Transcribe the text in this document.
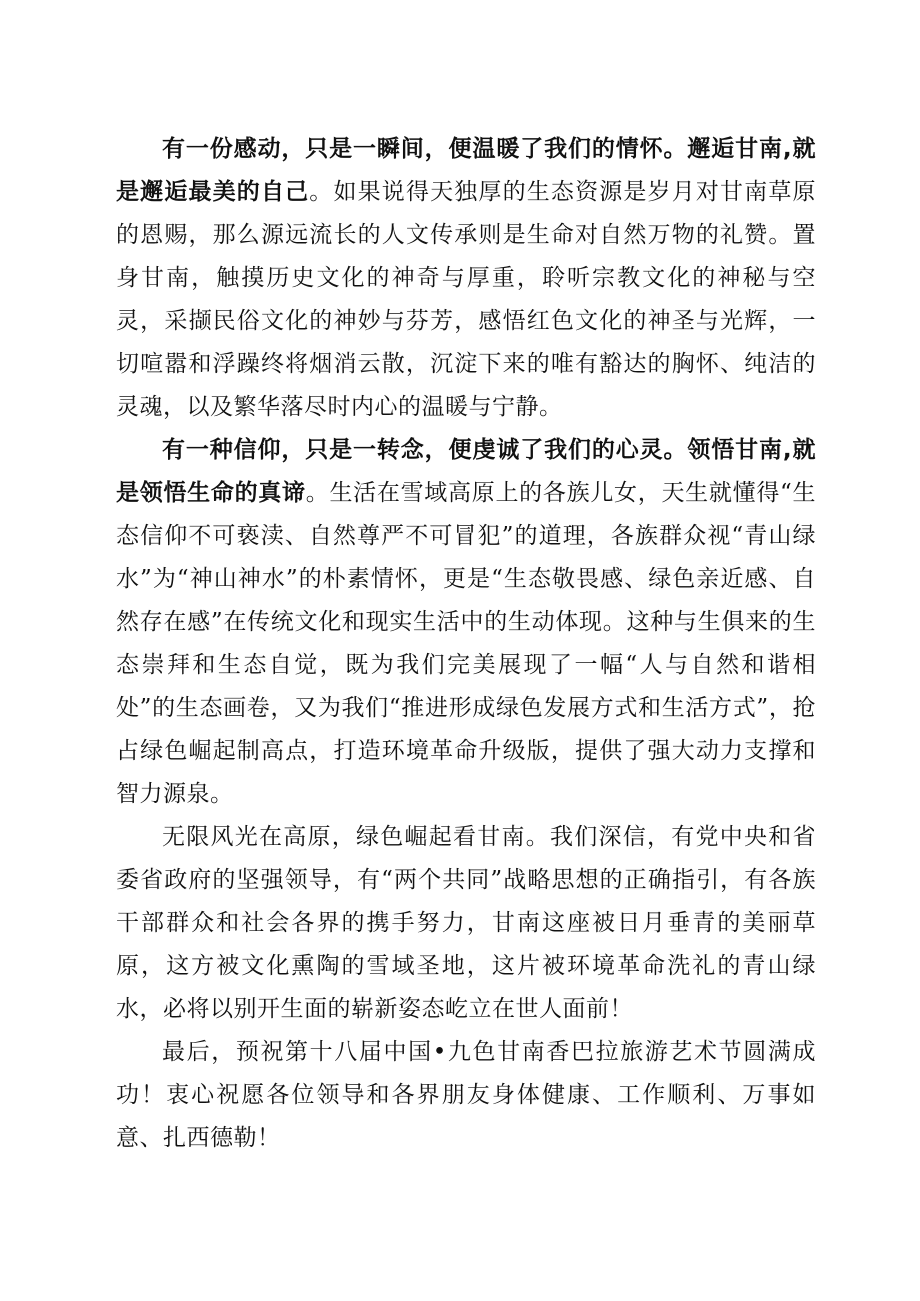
有一份感动，只是一瞬间，便温暖了我们的情怀。邂逅甘南,就是邂逅最美的自己。如果说得天独厚的生态资源是岁月对甘南草原的恩赐，那么源远流长的人文传承则是生命对自然万物的礼赞。置身甘南，触摸历史文化的神奇与厚重，聆听宗教文化的神秘与空灵，采撷民俗文化的神妙与芬芳，感悟红色文化的神圣与光辉，一切喧嚣和浮躁终将烟消云散，沉淀下来的唯有豁达的胸怀、纯洁的灵魂，以及繁华落尽时内心的温暖与宁静。

有一种信仰，只是一转念，便虔诚了我们的心灵。领悟甘南,就是领悟生命的真谛。生活在雪域高原上的各族儿女，天生就懂得“生态信仰不可亵渎、自然尊严不可冒犯”的道理，各族群众视“青山绿水”为“神山神水”的朴素情怀，更是“生态敬畏感、绿色亲近感、自然存在感”在传统文化和现实生活中的生动体现。这种与生俱来的生态崇拜和生态自觉，既为我们完美展现了一幅“人与自然和谐相处”的生态画卷，又为我们“推进形成绿色发展方式和生活方式”，抢占绿色崛起制高点，打造环境革命升级版，提供了强大动力支撑和智力源泉。

无限风光在高原，绿色崛起看甘南。我们深信，有党中央和省委省政府的坚强领导，有“两个共同”战略思想的正确指引，有各族干部群众和社会各界的携手努力，甘南这座被日月垂青的美丽草原，这方被文化熏陶的雪域圣地，这片被环境革命洗礼的青山绿水，必将以别开生面的崭新姿态屹立在世人面前！

最后，预祝第十八届中国•九色甘南香巴拉旅游艺术节圆满成功！衷心祝愿各位领导和各界朋友身体健康、工作顺利、万事如意、扎西德勒！
